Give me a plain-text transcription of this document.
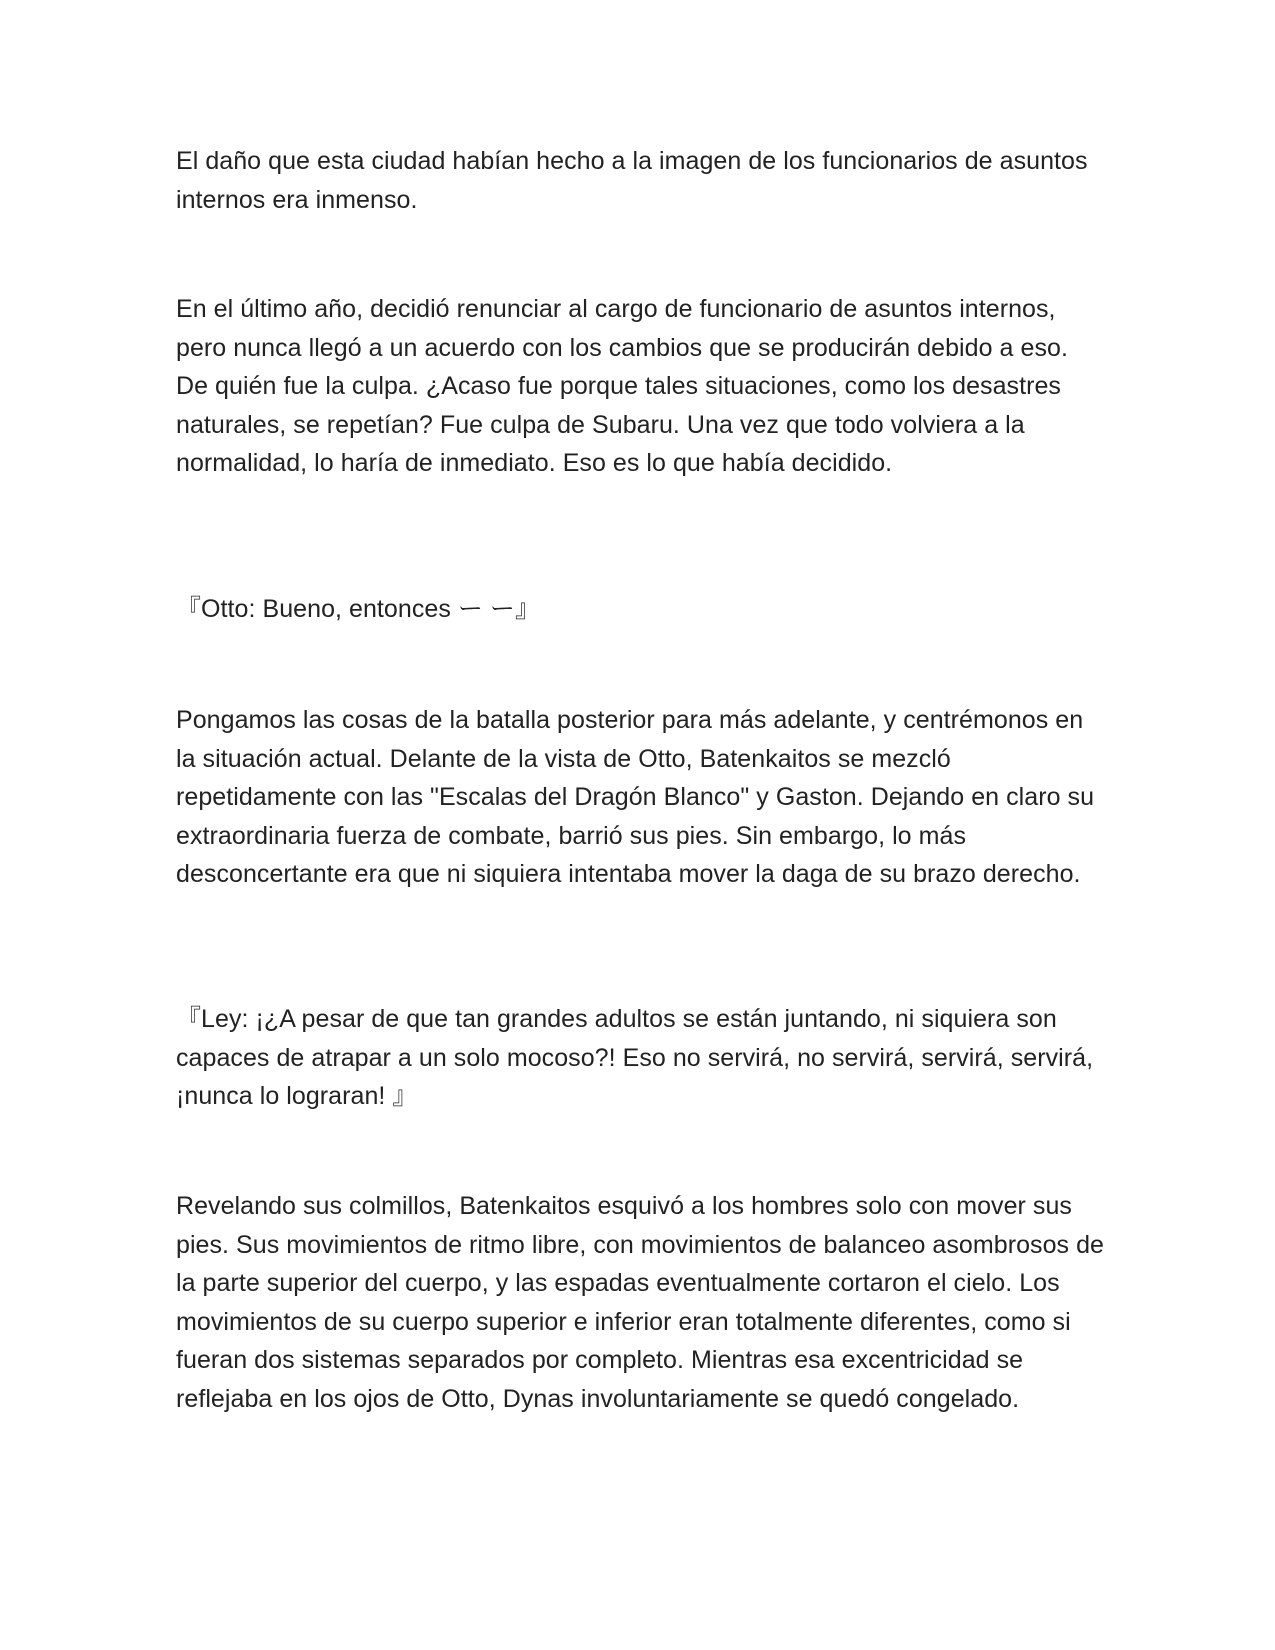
El daño que esta ciudad habían hecho a la imagen de los funcionarios de asuntos internos era inmenso.

En el último año, decidió renunciar al cargo de funcionario de asuntos internos, pero nunca llegó a un acuerdo con los cambios que se producirán debido a eso. De quién fue la culpa. ¿Acaso fue porque tales situaciones, como los desastres naturales, se repetían? Fue culpa de Subaru. Una vez que todo volviera a la normalidad, lo haría de inmediato. Eso es lo que había decidido.

『Otto: Bueno, entonces ー ー』

Pongamos las cosas de la batalla posterior para más adelante, y centrémonos en la situación actual. Delante de la vista de Otto, Batenkaitos se mezcló repetidamente con las "Escalas del Dragón Blanco" y Gaston. Dejando en claro su extraordinaria fuerza de combate, barrió sus pies. Sin embargo, lo más desconcertante era que ni siquiera intentaba mover la daga de su brazo derecho.

『Ley: ¡¿A pesar de que tan grandes adultos se están juntando, ni siquiera son capaces de atrapar a un solo mocoso?! Eso no servirá, no servirá, servirá, servirá, ¡nunca lo lograran! 』

Revelando sus colmillos, Batenkaitos esquivó a los hombres solo con mover sus pies. Sus movimientos de ritmo libre, con movimientos de balanceo asombrosos de la parte superior del cuerpo, y las espadas eventualmente cortaron el cielo. Los movimientos de su cuerpo superior e inferior eran totalmente diferentes, como si fueran dos sistemas separados por completo. Mientras esa excentricidad se reflejaba en los ojos de Otto, Dynas involuntariamente se quedó congelado.
